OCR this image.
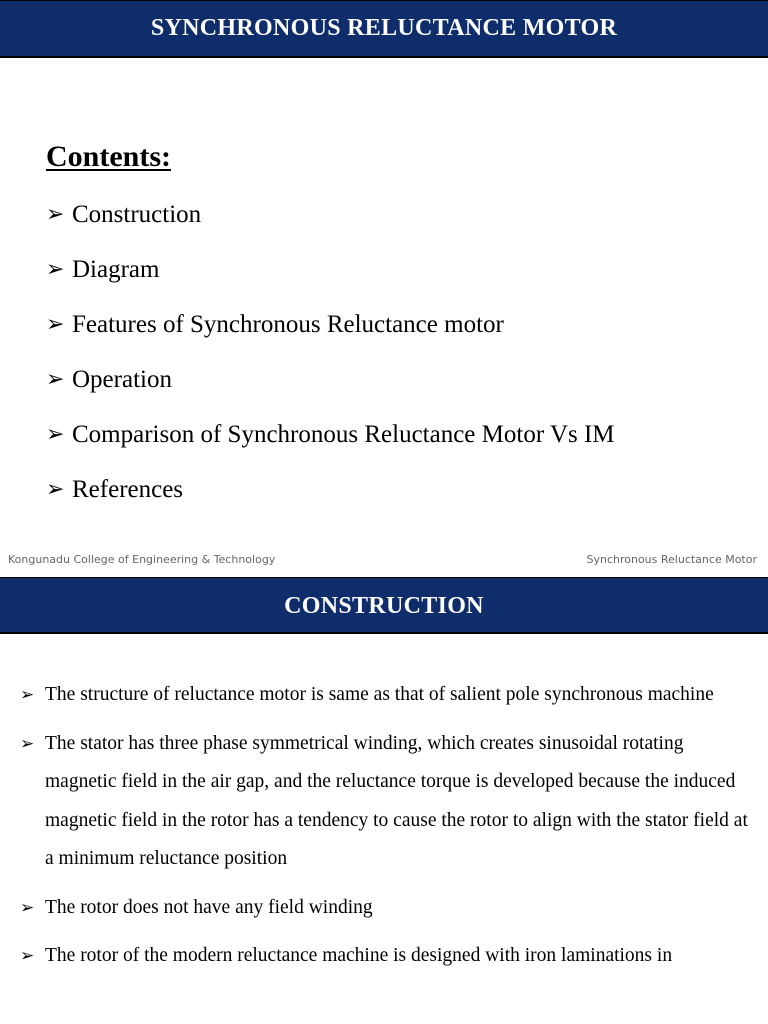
SYNCHRONOUS RELUCTANCE MOTOR
Contents:
➢ Construction
➢ Diagram
➢ Features of Synchronous Reluctance motor
➢ Operation
➢ Comparison of Synchronous Reluctance Motor Vs IM
➢ References
Kongunadu College of Engineering & Technology	Synchronous Reluctance Motor
CONSTRUCTION
➢ The structure of reluctance motor is same as that of salient pole synchronous machine
➢ The stator has three phase symmetrical winding, which creates sinusoidal rotating magnetic field in the air gap, and the reluctance torque is developed because the induced magnetic field in the rotor has a tendency to cause the rotor to align with the stator field at a minimum reluctance position
➢ The rotor does not have any field winding
➢ The rotor of the modern reluctance machine is designed with iron laminations in
